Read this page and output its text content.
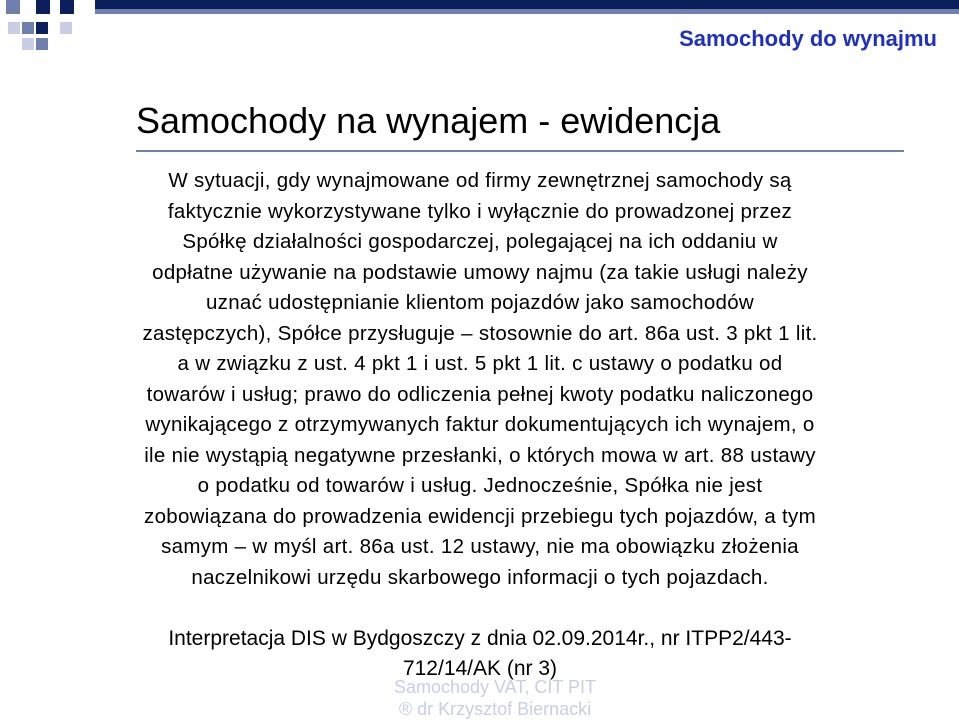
Samochody do wynajmu
Samochody na wynajem - ewidencja

W sytuacji, gdy wynajmowane od firmy zewnętrznej samochody są

faktycznie wykorzystywane tylko i wyłącznie do prowadzonej przez

Spółkę działalności gospodarczej, polegającej na ich oddaniu w

odpłatne używanie na podstawie umowy najmu (za takie usługi należy

uznać udostępnianie klientom pojazdów jako samochodów

zastępczych), Spółce przysługuje – stosownie do art. 86a ust. 3 pkt 1 lit.

a w związku z ust. 4 pkt 1 i ust. 5 pkt 1 lit. c ustawy o podatku od

towarów i usług; prawo do odliczenia pełnej kwoty podatku naliczonego

wynikającego z otrzymywanych faktur dokumentujących ich wynajem, o

ile nie wystąpią negatywne przesłanki, o których mowa w art. 88 ustawy

o podatku od towarów i usług. Jednocześnie, Spółka nie jest

zobowiązana do prowadzenia ewidencji przebiegu tych pojazdów, a tym

samym – w myśl art. 86a ust. 12 ustawy, nie ma obowiązku złożenia

naczelnikowi urzędu skarbowego informacji o tych pojazdach.

Interpretacja DIS w Bydgoszczy z dnia 02.09.2014r., nr ITPP2/443-
712/14/AK (nr 3)
Samochody VAT, CIT PIT
® dr Krzysztof Biernacki
